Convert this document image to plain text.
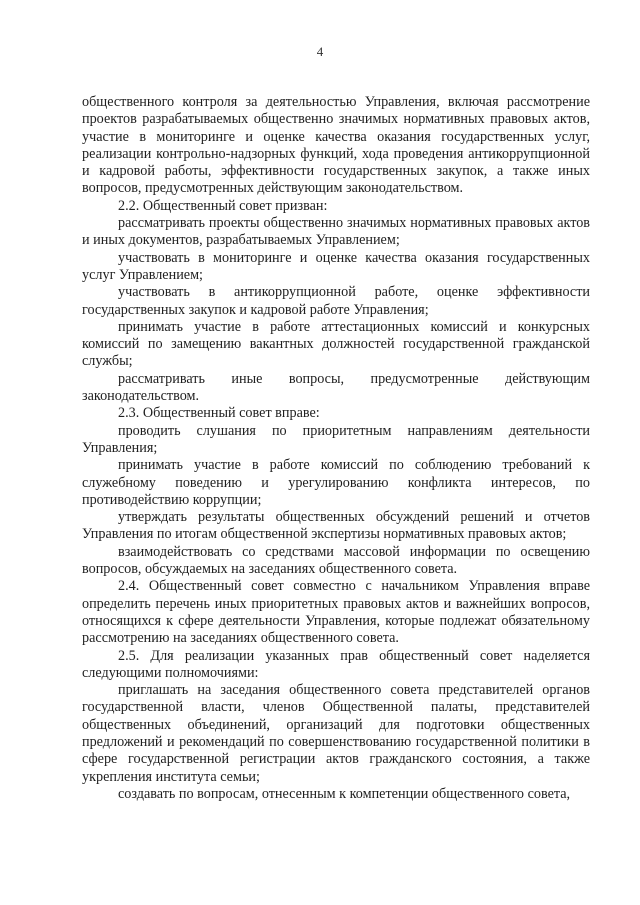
4

общественного контроля за деятельностью Управления, включая рассмотрение проектов разрабатываемых общественно значимых нормативных правовых актов, участие в мониторинге и оценке качества оказания государственных услуг, реализации контрольно-надзорных функций, хода проведения антикоррупционной и кадровой работы, эффективности государственных закупок, а также иных вопросов, предусмотренных действующим законодательством.

2.2. Общественный совет призван:

рассматривать проекты общественно значимых нормативных правовых актов и иных документов, разрабатываемых Управлением;

участвовать в мониторинге и оценке качества оказания государственных услуг Управлением;

участвовать в антикоррупционной работе, оценке эффективности государственных закупок и кадровой работе Управления;

принимать участие в работе аттестационных комиссий и конкурсных комиссий по замещению вакантных должностей государственной гражданской службы;

рассматривать иные вопросы, предусмотренные действующим законодательством.

2.3. Общественный совет вправе:

проводить слушания по приоритетным направлениям деятельности Управления;

принимать участие в работе комиссий по соблюдению требований к служебному поведению и урегулированию конфликта интересов, по противодействию коррупции;

утверждать результаты общественных обсуждений решений и отчетов Управления по итогам общественной экспертизы нормативных правовых актов;

взаимодействовать со средствами массовой информации по освещению вопросов, обсуждаемых на заседаниях общественного совета.

2.4. Общественный совет совместно с начальником Управления вправе определить перечень иных приоритетных правовых актов и важнейших вопросов, относящихся к сфере деятельности Управления, которые подлежат обязательному рассмотрению на заседаниях общественного совета.

2.5. Для реализации указанных прав общественный совет наделяется следующими полномочиями:

приглашать на заседания общественного совета представителей органов государственной власти, членов Общественной палаты, представителей общественных объединений, организаций для подготовки общественных предложений и рекомендаций по совершенствованию государственной политики в сфере государственной регистрации актов гражданского состояния, а также укрепления института семьи;

создавать по вопросам, отнесенным к компетенции общественного совета,
